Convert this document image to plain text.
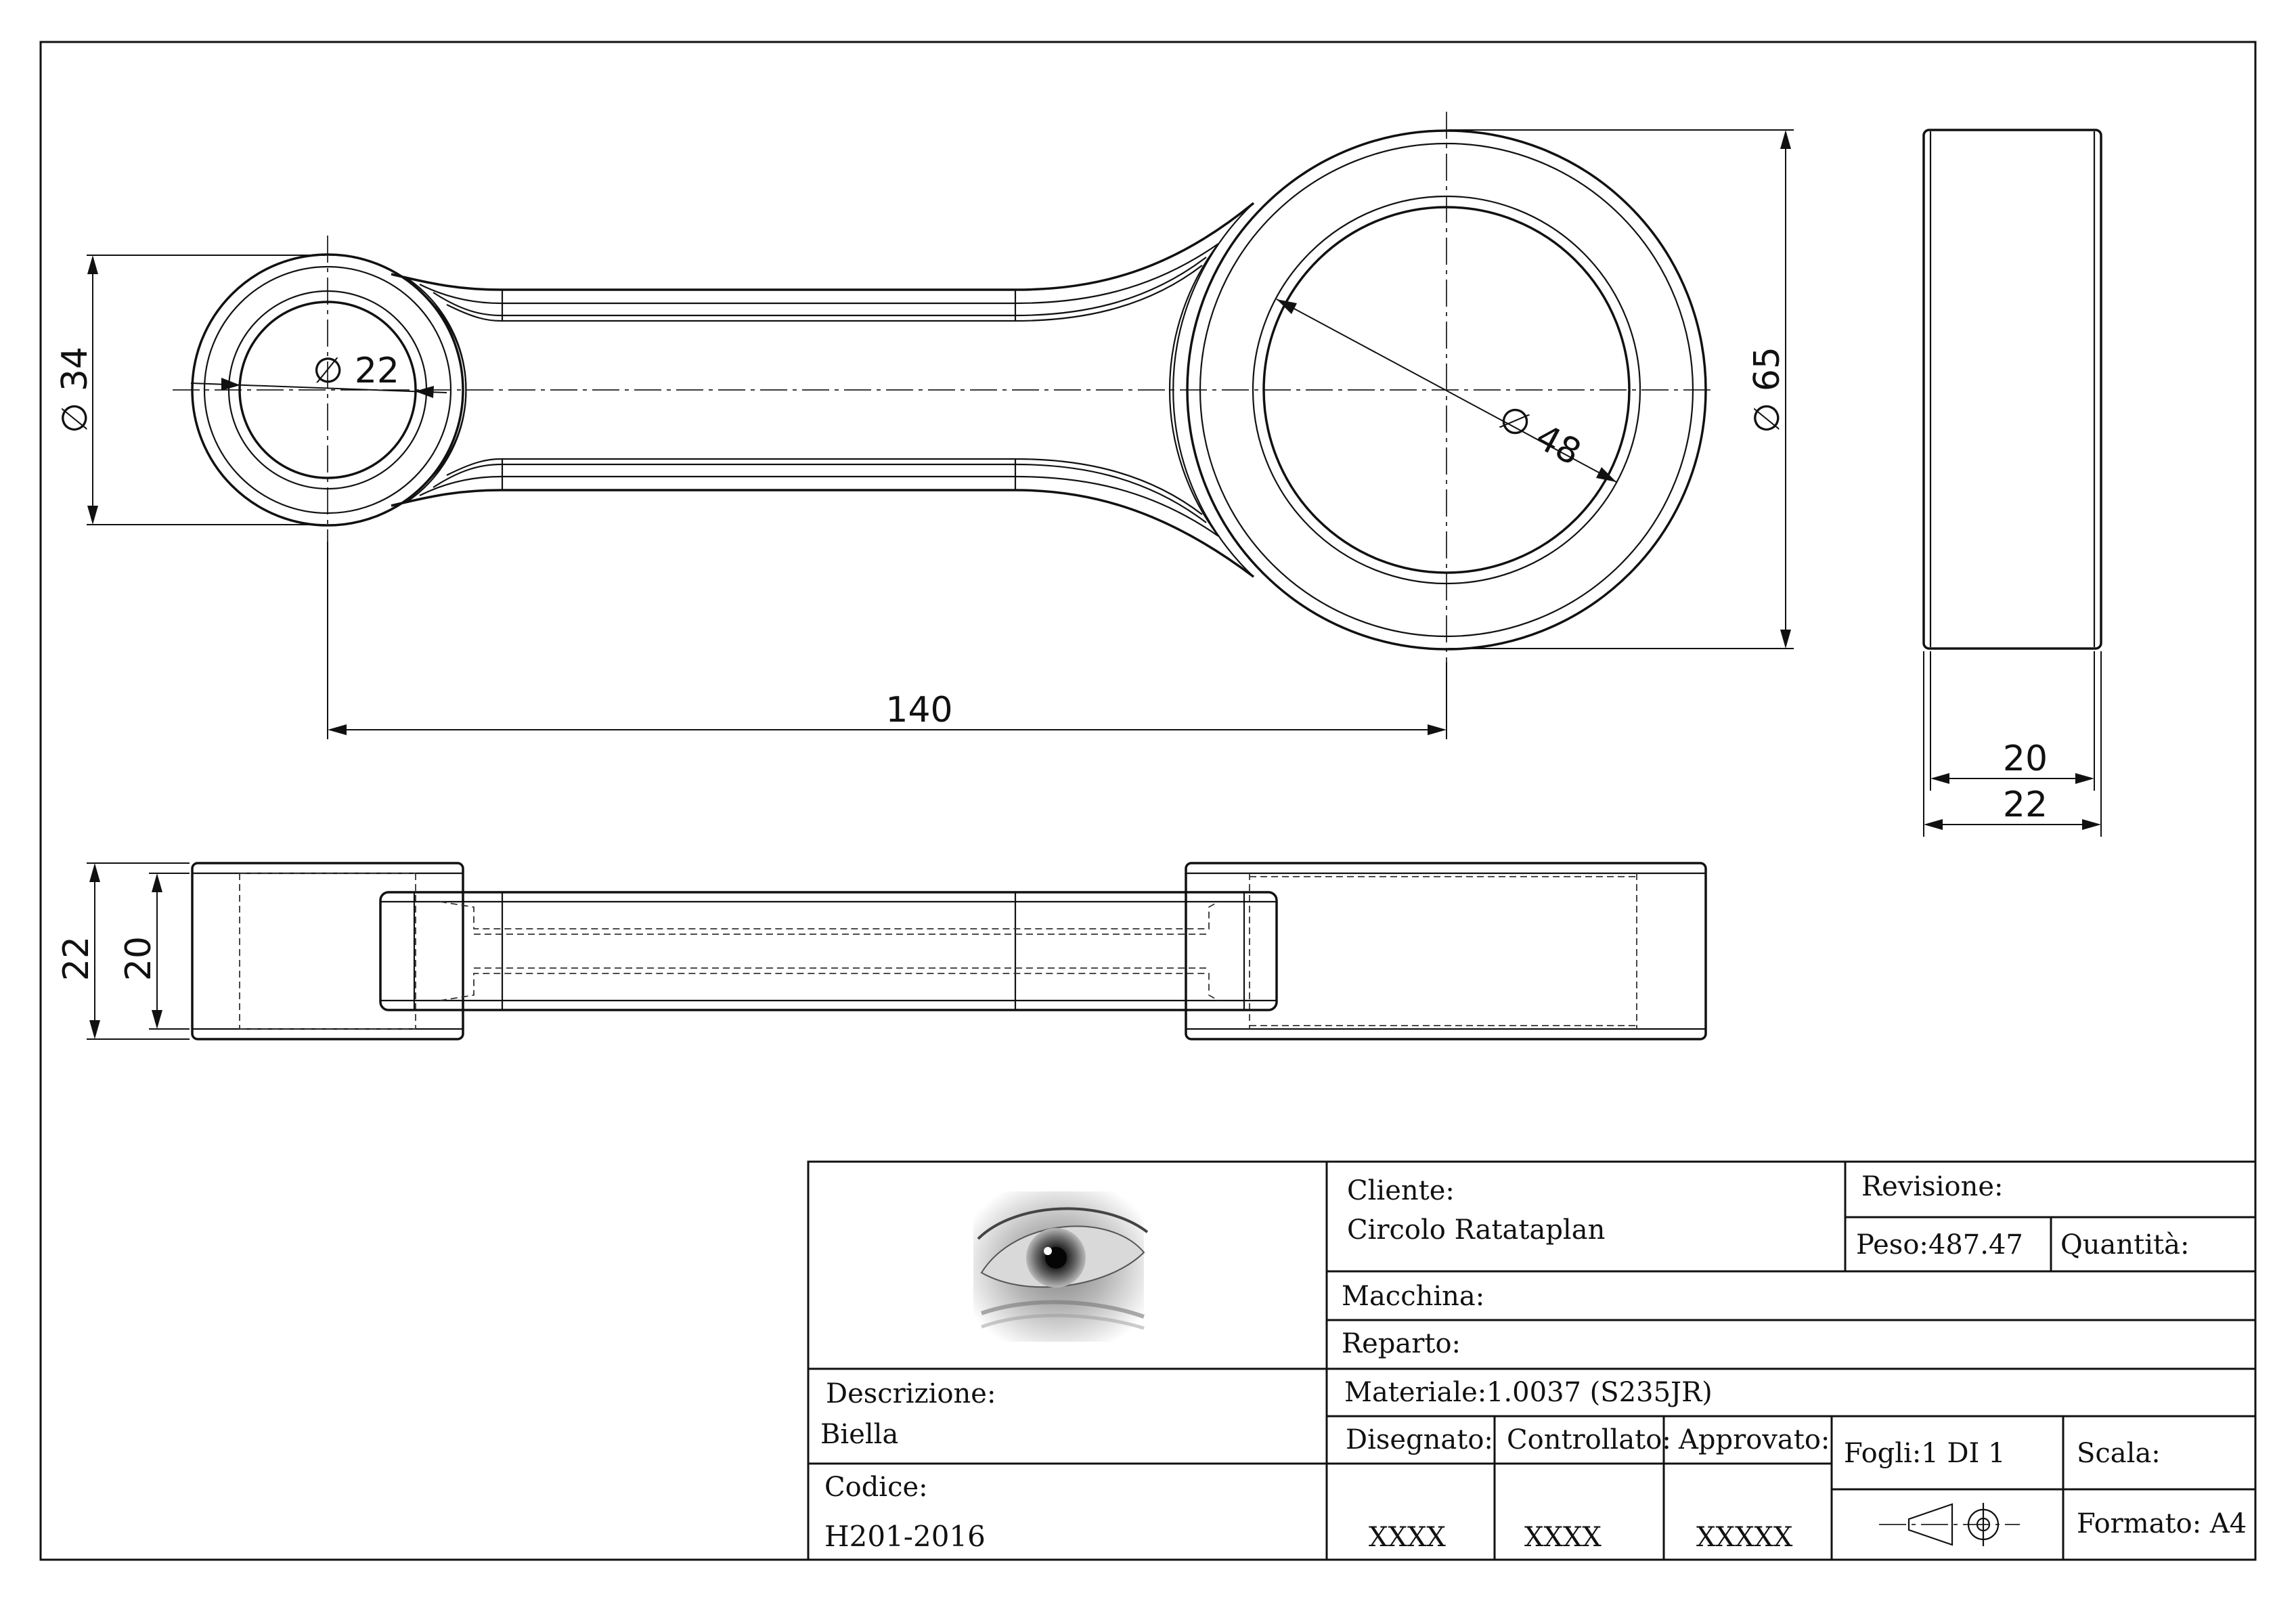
∅ 34	∅ 22
∅ 48	∅ 65
140
20
22
22 20
Cliente:
Circolo Ratataplan
Revisione:
Peso:487.47 Quantità:
Macchina:
Reparto:
Materiale: 1.0037 (S235JR)
Descrizione:
Biella
Codice:
H201-2016
Disegnato: Controllato: Approvato:
XXXX	XXXX	XXXXX
Fogli:1 DI 1	Scala:
Formato: A4
